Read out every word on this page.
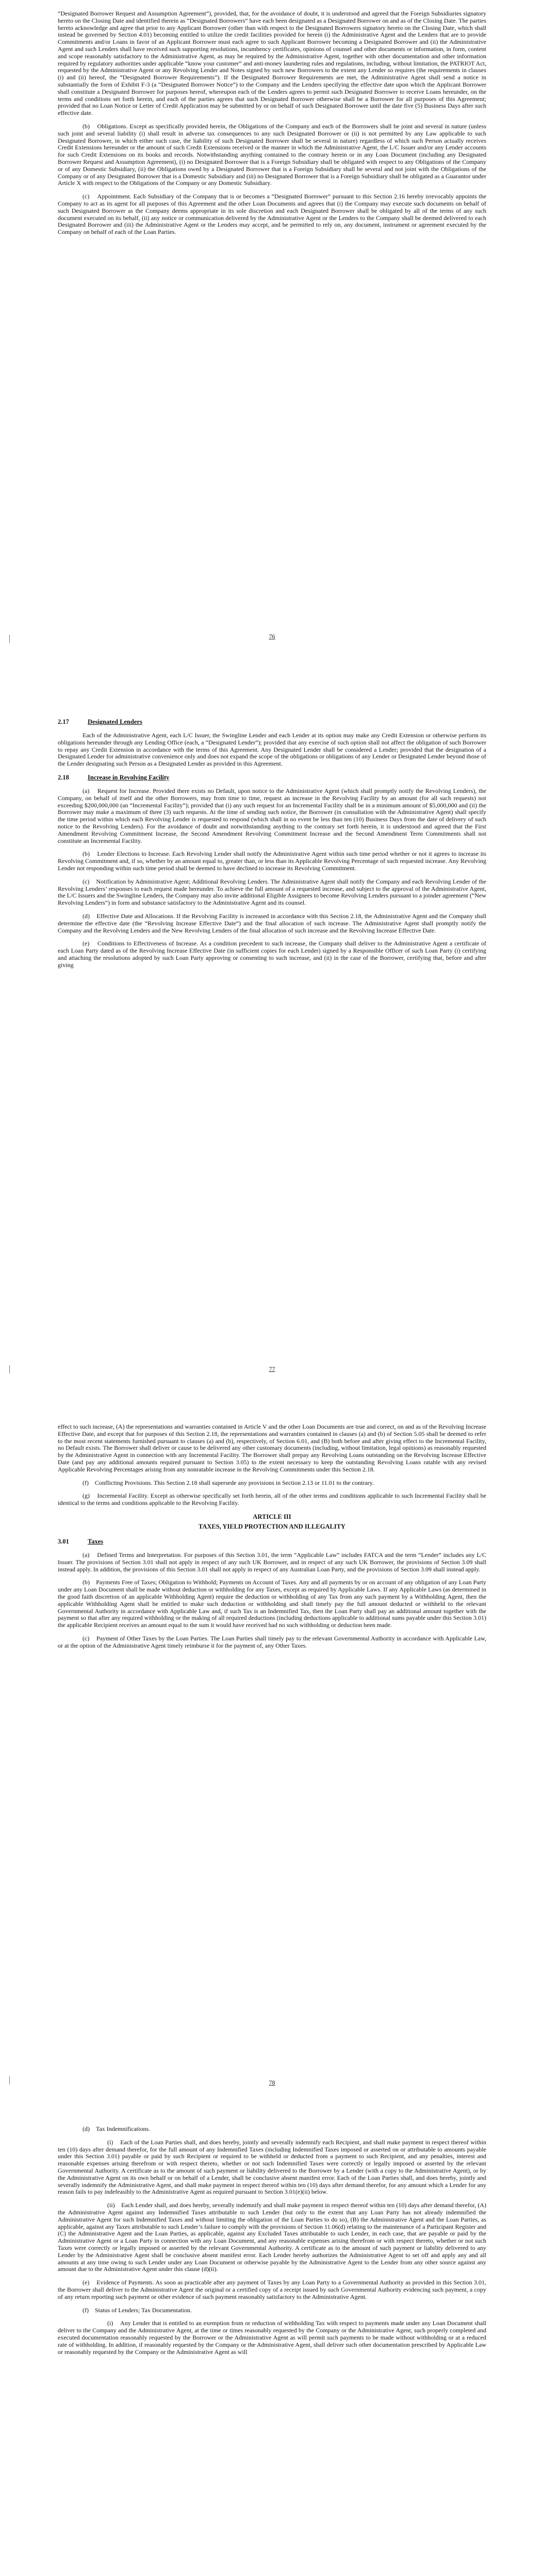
“Designated Borrower Request and Assumption Agreement”), provided, that, for the avoidance of doubt, it is understood and agreed that the Foreign Subsidiaries signatory hereto on the Closing Date and identified therein as “Designated Borrowers” have each been designated as a Designated Borrower on and as of the Closing Date. The parties hereto acknowledge and agree that prior to any Applicant Borrower (other than with respect to the Designated Borrowers signatory hereto on the Closing Date, which shall instead be governed by Section 4.01) becoming entitled to utilize the credit facilities provided for herein (i) the Administrative Agent and the Lenders that are to provide Commitments and/or Loans in favor of an Applicant Borrower must each agree to such Applicant Borrower becoming a Designated Borrower and (ii) the Administrative Agent and such Lenders shall have received such supporting resolutions, incumbency certificates, opinions of counsel and other documents or information, in form, content and scope reasonably satisfactory to the Administrative Agent, as may be required by the Administrative Agent, together with other documentation and other information required by regulatory authorities under applicable “know your customer” and anti-money laundering rules and regulations, including, without limitation, the PATRIOT Act, requested by the Administrative Agent or any Revolving Lender and Notes signed by such new Borrowers to the extent any Lender so requires (the requirements in clauses (i) and (ii) hereof, the “Designated Borrower Requirements”). If the Designated Borrower Requirements are met, the Administrative Agent shall send a notice in substantially the form of Exhibit F-3 (a “Designated Borrower Notice”) to the Company and the Lenders specifying the effective date upon which the Applicant Borrower shall constitute a Designated Borrower for purposes hereof, whereupon each of the Lenders agrees to permit such Designated Borrower to receive Loans hereunder, on the terms and conditions set forth herein, and each of the parties agrees that such Designated Borrower otherwise shall be a Borrower for all purposes of this Agreement; provided that no Loan Notice or Letter of Credit Application may be submitted by or on behalf of such Designated Borrower until the date five (5) Business Days after such effective date.

(b)    Obligations. Except as specifically provided herein, the Obligations of the Company and each of the Borrowers shall be joint and several in nature (unless such joint and several liability (i) shall result in adverse tax consequences to any such Designated Borrower or (ii) is not permitted by any Law applicable to such Designated Borrower, in which either such case, the liability of such Designated Borrower shall be several in nature) regardless of which such Person actually receives Credit Extensions hereunder or the amount of such Credit Extensions received or the manner in which the Administrative Agent, the L/C Issuer and/or any Lender accounts for such Credit Extensions on its books and records. Notwithstanding anything contained to the contrary herein or in any Loan Document (including any Designated Borrower Request and Assumption Agreement), (i) no Designated Borrower that is a Foreign Subsidiary shall be obligated with respect to any Obligations of the Company or of any Domestic Subsidiary, (ii) the Obligations owed by a Designated Borrower that is a Foreign Subsidiary shall be several and not joint with the Obligations of the Company or of any Designated Borrower that is a Domestic Subsidiary and (iii) no Designated Borrower that is a Foreign Subsidiary shall be obligated as a Guarantor under Article X with respect to the Obligations of the Company or any Domestic Subsidiary.

(c)    Appointment. Each Subsidiary of the Company that is or becomes a “Designated Borrower” pursuant to this Section 2.16 hereby irrevocably appoints the Company to act as its agent for all purposes of this Agreement and the other Loan Documents and agrees that (i) the Company may execute such documents on behalf of such Designated Borrower as the Company deems appropriate in its sole discretion and each Designated Borrower shall be obligated by all of the terms of any such document executed on its behalf, (ii) any notice or communication delivered by the Administrative Agent or the Lenders to the Company shall be deemed delivered to each Designated Borrower and (iii) the Administrative Agent or the Lenders may accept, and be permitted to rely on, any document, instrument or agreement executed by the Company on behalf of each of the Loan Parties.

76
2.17	Designated Lenders

Each of the Administrative Agent, each L/C Issuer, the Swingline Lender and each Lender at its option may make any Credit Extension or otherwise perform its obligations hereunder through any Lending Office (each, a “Designated Lender”); provided that any exercise of such option shall not affect the obligation of such Borrower to repay any Credit Extension in accordance with the terms of this Agreement. Any Designated Lender shall be considered a Lender; provided that the designation of a Designated Lender for administrative convenience only and does not expand the scope of the obligations or obligations of any Lender or Designated Lender beyond those of the Lender designating such Person as a Designated Lender as provided in this Agreement.

2.18	Increase in Revolving Facility

(a)    Request for Increase. Provided there exists no Default, upon notice to the Administrative Agent (which shall promptly notify the Revolving Lenders), the Company, on behalf of itself and the other Borrowers, may from time to time, request an increase in the Revolving Facility by an amount (for all such requests) not exceeding $200,000,000 (an “Incremental Facility”); provided that (i) any such request for an Incremental Facility shall be in a minimum amount of $5,000,000 and (ii) the Borrower may make a maximum of three (3) such requests. At the time of sending such notice, the Borrower (in consultation with the Administrative Agent) shall specify the time period within which each Revolving Lender is requested to respond (which shall in no event be less than ten (10) Business Days from the date of delivery of such notice to the Revolving Lenders). For the avoidance of doubt and notwithstanding anything to the contrary set forth herein, it is understood and agreed that the First Amendment Revolving Commitment Increase, the Second Amendment Revolving Commitment Increase and the Second Amendment Term Commitments shall not constitute an Incremental Facility.

(b)    Lender Elections to Increase. Each Revolving Lender shall notify the Administrative Agent within such time period whether or not it agrees to increase its Revolving Commitment and, if so, whether by an amount equal to, greater than, or less than its Applicable Revolving Percentage of such requested increase. Any Revolving Lender not responding within such time period shall be deemed to have declined to increase its Revolving Commitment.

(c)    Notification by Administrative Agent; Additional Revolving Lenders. The Administrative Agent shall notify the Company and each Revolving Lender of the Revolving Lenders’ responses to each request made hereunder. To achieve the full amount of a requested increase, and subject to the approval of the Administrative Agent, the L/C Issuers and the Swingline Lenders, the Company may also invite additional Eligible Assignees to become Revolving Lenders pursuant to a joinder agreement (“New Revolving Lenders”) in form and substance satisfactory to the Administrative Agent and its counsel.

(d)    Effective Date and Allocations. If the Revolving Facility is increased in accordance with this Section 2.18, the Administrative Agent and the Company shall determine the effective date (the “Revolving Increase Effective Date”) and the final allocation of such increase. The Administrative Agent shall promptly notify the Company and the Revolving Lenders and the New Revolving Lenders of the final allocation of such increase and the Revolving Increase Effective Date.

(e)    Conditions to Effectiveness of Increase. As a condition precedent to such increase, the Company shall deliver to the Administrative Agent a certificate of each Loan Party dated as of the Revolving Increase Effective Date (in sufficient copies for each Lender) signed by a Responsible Officer of such Loan Party (i) certifying and attaching the resolutions adopted by such Loan Party approving or consenting to such increase, and (ii) in the case of the Borrower, certifying that, before and after giving

77

effect to such increase, (A) the representations and warranties contained in Article V and the other Loan Documents are true and correct, on and as of the Revolving Increase Effective Date, and except that for purposes of this Section 2.18, the representations and warranties contained in clauses (a) and (b) of Section 5.05 shall be deemed to refer to the most recent statements furnished pursuant to clauses (a) and (b), respectively, of Section 6.01, and (B) both before and after giving effect to the Incremental Facility, no Default exists. The Borrower shall deliver or cause to be delivered any other customary documents (including, without limitation, legal opinions) as reasonably requested by the Administrative Agent in connection with any Incremental Facility. The Borrower shall prepay any Revolving Loans outstanding on the Revolving Increase Effective Date (and pay any additional amounts required pursuant to Section 3.05) to the extent necessary to keep the outstanding Revolving Loans ratable with any revised Applicable Revolving Percentages arising from any nonratable increase in the Revolving Commitments under this Section 2.18.

(f)    Conflicting Provisions. This Section 2.18 shall supersede any provisions in Section 2.13 or 11.01 to the contrary.

(g)    Incremental Facility. Except as otherwise specifically set forth herein, all of the other terms and conditions applicable to such Incremental Facility shall be identical to the terms and conditions applicable to the Revolving Facility.

ARTICLE III
TAXES, YIELD PROTECTION AND ILLEGALITY
3.01	Taxes

(a)    Defined Terms and Interpretation. For purposes of this Section 3.01, the term “Applicable Law” includes FATCA and the term “Lender” includes any L/C Issuer. The provisions of Section 3.01 shall not apply in respect of any such UK Borrower, and in respect of any such UK Borrower, the provisions of Section 3.09 shall instead apply. In addition, the provisions of this Section 3.01 shall not apply in respect of any Australian Loan Party, and the provisions of Section 3.09 shall instead apply.

(b)    Payments Free of Taxes; Obligation to Withhold; Payments on Account of Taxes. Any and all payments by or on account of any obligation of any Loan Party under any Loan Document shall be made without deduction or withholding for any Taxes, except as required by Applicable Laws. If any Applicable Laws (as determined in the good faith discretion of an applicable Withholding Agent) require the deduction or withholding of any Tax from any such payment by a Withholding Agent, then the applicable Withholding Agent shall be entitled to make such deduction or withholding and shall timely pay the full amount deducted or withheld to the relevant Governmental Authority in accordance with Applicable Law and, if such Tax is an Indemnified Tax, then the Loan Party shall pay an additional amount together with the payment so that after any required withholding or the making of all required deductions (including deductions applicable to additional sums payable under this Section 3.01) the applicable Recipient receives an amount equal to the sum it would have received had no such withholding or deduction been made.

(c)    Payment of Other Taxes by the Loan Parties. The Loan Parties shall timely pay to the relevant Governmental Authority in accordance with Applicable Law, or at the option of the Administrative Agent timely reimburse it for the payment of, any Other Taxes.

78

(d)    Tax Indemnifications.

(i)    Each of the Loan Parties shall, and does hereby, jointly and severally indemnify each Recipient, and shall make payment in respect thereof within ten (10) days after demand therefor, for the full amount of any Indemnified Taxes (including Indemnified Taxes imposed or asserted on or attributable to amounts payable under this Section 3.01) payable or paid by such Recipient or required to be withheld or deducted from a payment to such Recipient, and any penalties, interest and reasonable expenses arising therefrom or with respect thereto, whether or not such Indemnified Taxes were correctly or legally imposed or asserted by the relevant Governmental Authority. A certificate as to the amount of such payment or liability delivered to the Borrower by a Lender (with a copy to the Administrative Agent), or by the Administrative Agent on its own behalf or on behalf of a Lender, shall be conclusive absent manifest error. Each of the Loan Parties shall, and does hereby, jointly and severally indemnify the Administrative Agent, and shall make payment in respect thereof within ten (10) days after demand therefor, for any amount which a Lender for any reason fails to pay indefeasibly to the Administrative Agent as required pursuant to Section 3.01(e)(ii) below.

(ii)    Each Lender shall, and does hereby, severally indemnify and shall make payment in respect thereof within ten (10) days after demand therefor, (A) the Administrative Agent against any Indemnified Taxes attributable to such Lender (but only to the extent that any Loan Party has not already indemnified the Administrative Agent for such Indemnified Taxes and without limiting the obligation of the Loan Parties to do so), (B) the Administrative Agent and the Loan Parties, as applicable, against any Taxes attributable to such Lender’s failure to comply with the provisions of Section 11.06(d) relating to the maintenance of a Participant Register and (C) the Administrative Agent and the Loan Parties, as applicable, against any Excluded Taxes attributable to such Lender, in each case, that are payable or paid by the Administrative Agent or a Loan Party in connection with any Loan Document, and any reasonable expenses arising therefrom or with respect thereto, whether or not such Taxes were correctly or legally imposed or asserted by the relevant Governmental Authority. A certificate as to the amount of such payment or liability delivered to any Lender by the Administrative Agent shall be conclusive absent manifest error. Each Lender hereby authorizes the Administrative Agent to set off and apply any and all amounts at any time owing to such Lender under any Loan Document or otherwise payable by the Administrative Agent to the Lender from any other source against any amount due to the Administrative Agent under this clause (d)(ii).

(e)    Evidence of Payments. As soon as practicable after any payment of Taxes by any Loan Party to a Governmental Authority as provided in this Section 3.01, the Borrower shall deliver to the Administrative Agent the original or a certified copy of a receipt issued by such Governmental Authority evidencing such payment, a copy of any return reporting such payment or other evidence of such payment reasonably satisfactory to the Administrative Agent.

(f)    Status of Lenders; Tax Documentation.

(i)    Any Lender that is entitled to an exemption from or reduction of withholding Tax with respect to payments made under any Loan Document shall deliver to the Company and the Administrative Agent, at the time or times reasonably requested by the Company or the Administrative Agent, such properly completed and executed documentation reasonably requested by the Borrower or the Administrative Agent as will permit such payments to be made without withholding or at a reduced rate of withholding. In addition, if reasonably requested by the Company or the Administrative Agent, shall deliver such other documentation prescribed by Applicable Law or reasonably requested by the Company or the Administrative Agent as will
